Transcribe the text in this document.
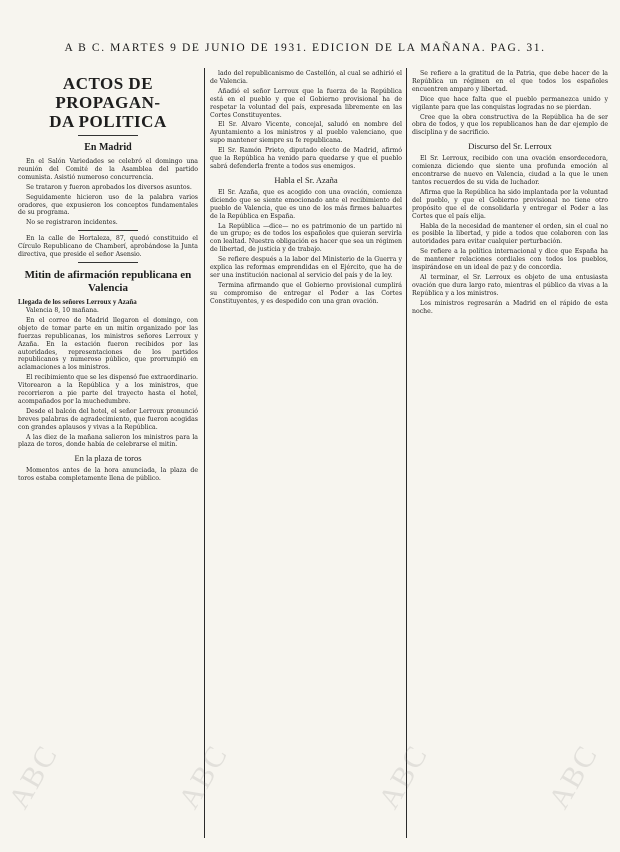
A B C. MARTES 9 DE JUNIO DE 1931. EDICION DE LA MAÑANA. PAG. 31.
ACTOS DE PROPAGAN-
DA POLITICA
En Madrid

En el Salón Variedades se celebró el domingo una reunión del Comité de la Asamblea del partido comunista. Asistió numeroso concurrencia.

Se trataron y fueron aprobados los diversos asuntos.

Seguidamente hicieron uso de la palabra varios oradores, que expusieron los conceptos fundamentales de su programa.

No se registraron incidentes.

En la calle de Hortaleza, 87, quedó constituido el Círculo Republicano de Chamberí, aprobándose la Junta directiva, que preside el señor Asensio.

Mitin de afirmación republicana en Valencia
Llegada de los señores Lerroux y Azaña

Valencia 8, 10 mañana.

En el correo de Madrid llegaron el domingo, con objeto de tomar parte en un mitin organizado por las fuerzas republicanas, los ministros señores Lerroux y Azaña. En la estación fueron recibidos por las autoridades, representaciones de los partidos republicanos y numeroso público, que prorrumpió en aclamaciones a los ministros.

El recibimiento que se les dispensó fue extraordinario. Vitorearon a la República y a los ministros, que recorrieron a pie parte del trayecto hasta el hotel, acompañados por la muchedumbre.

Desde el balcón del hotel, el señor Lerroux pronunció breves palabras de agradecimiento, que fueron acogidas con grandes aplausos y vivas a la República.

A las diez de la mañana salieron los ministros para la plaza de toros, donde había de celebrarse el mitin.

En la plaza de toros

Momentos antes de la hora anunciada, la plaza de toros estaba completamente llena de público.

lado del republicanismo de Castellón, al cual se adhirió el de Valencia.

Añadió el señor Lerroux que la fuerza de la República está en el pueblo y que el Gobierno provisional ha de respetar la voluntad del país, expresada libremente en las Cortes Constituyentes.

El Sr. Alvaro Vicente, concejal, saludó en nombre del Ayuntamiento a los ministros y al pueblo valenciano, que supo mantener siempre su fe republicana.

El Sr. Ramón Prieto, diputado electo de Madrid, afirmó que la República ha venido para quedarse y que el pueblo sabrá defenderla frente a todos sus enemigos.

Habla el Sr. Azaña

El Sr. Azaña, que es acogido con una ovación, comienza diciendo que se siente emocionado ante el recibimiento del pueblo de Valencia, que es uno de los más firmes baluartes de la República en España.

La República —dice— no es patrimonio de un partido ni de un grupo; es de todos los españoles que quieran servirla con lealtad. Nuestra obligación es hacer que sea un régimen de libertad, de justicia y de trabajo.

Se refiere después a la labor del Ministerio de la Guerra y explica las reformas emprendidas en el Ejército, que ha de ser una institución nacional al servicio del país y de la ley.

Termina afirmando que el Gobierno provisional cumplirá su compromiso de entregar el Poder a las Cortes Constituyentes, y es despedido con una gran ovación.

Se refiere a la gratitud de la Patria, que debe hacer de la República un régimen en el que todos los españoles encuentren amparo y libertad.

Dice que hace falta que el pueblo permanezca unido y vigilante para que las conquistas logradas no se pierdan.

Cree que la obra constructiva de la República ha de ser obra de todos, y que los republicanos han de dar ejemplo de disciplina y de sacrificio.

Discurso del Sr. Lerroux

El Sr. Lerroux, recibido con una ovación ensordecedora, comienza diciendo que siente una profunda emoción al encontrarse de nuevo en Valencia, ciudad a la que le unen tantos recuerdos de su vida de luchador.

Afirma que la República ha sido implantada por la voluntad del pueblo, y que el Gobierno provisional no tiene otro propósito que el de consolidarla y entregar el Poder a las Cortes que el país elija.

Habla de la necesidad de mantener el orden, sin el cual no es posible la libertad, y pide a todos que colaboren con las autoridades para evitar cualquier perturbación.

Se refiere a la política internacional y dice que España ha de mantener relaciones cordiales con todos los pueblos, inspirándose en un ideal de paz y de concordia.

Al terminar, el Sr. Lerroux es objeto de una entusiasta ovación que dura largo rato, mientras el público da vivas a la República y a los ministros.

Los ministros regresarán a Madrid en el rápido de esta noche.

ABC	ABC	ABC	ABC
